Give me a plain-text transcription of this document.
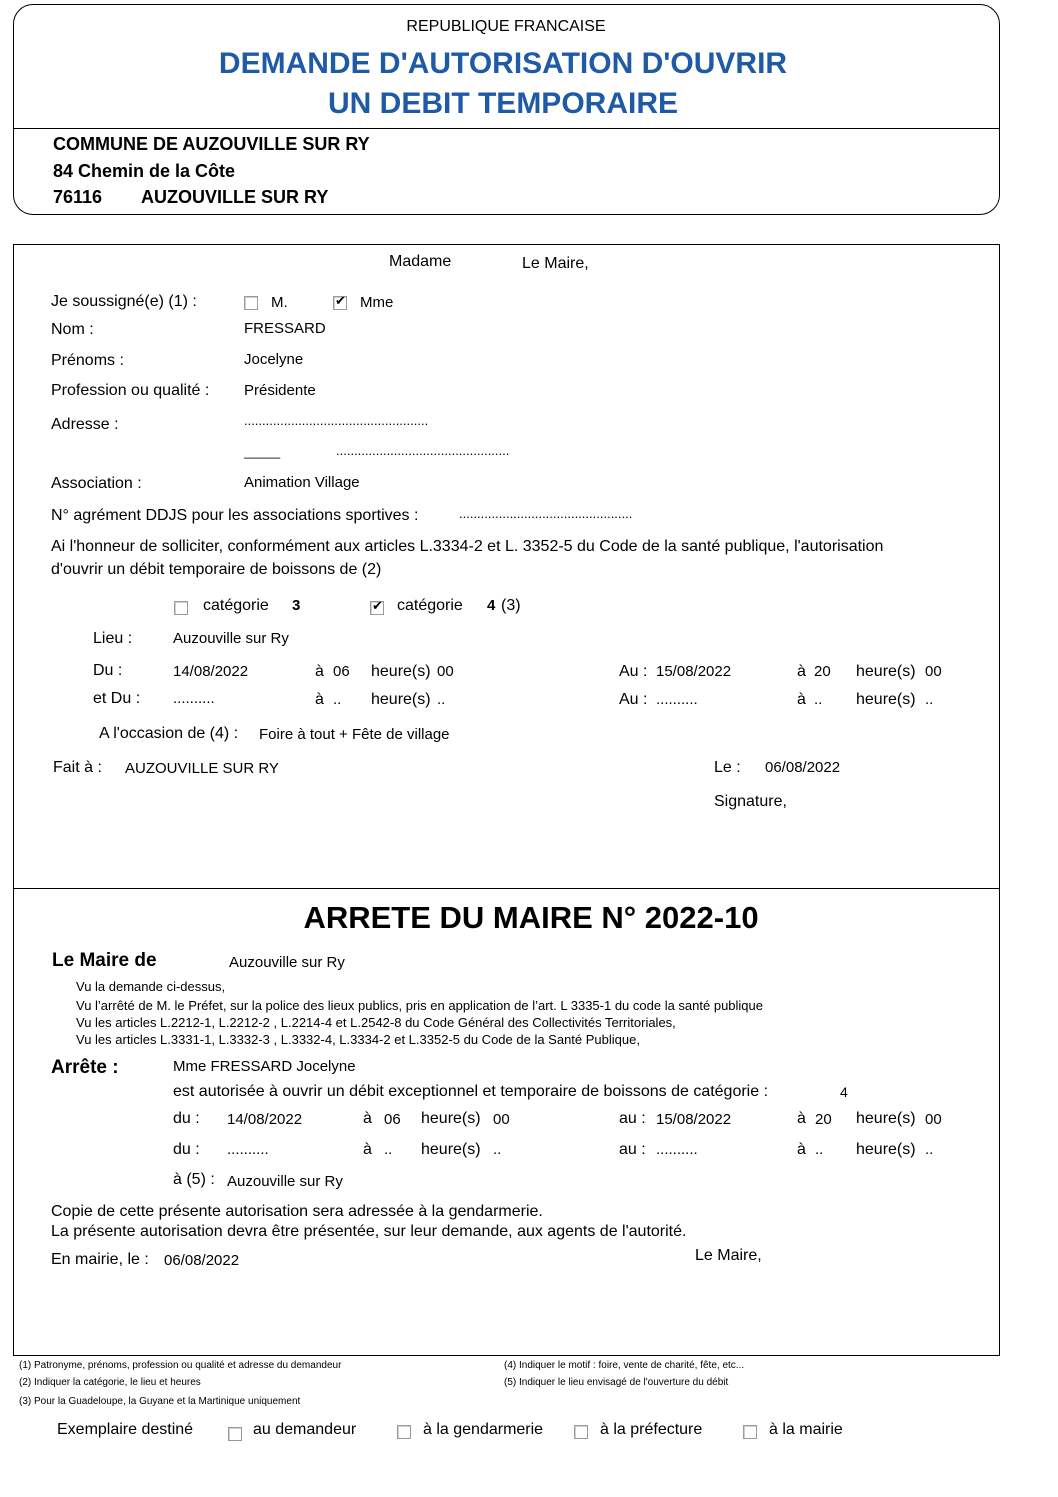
REPUBLIQUE FRANCAISE
DEMANDE D'AUTORISATION D'OUVRIR
UN DEBIT TEMPORAIRE
COMMUNE DE AUZOUVILLE SUR RY
84 Chemin de la Côte
76116 AUZOUVILLE SUR RY
Madame	Le Maire,
Je soussigné(e) (1) :	M.	✔ Mme
Nom :	FRESSARD
Prénoms :	Jocelyne
Profession ou qualité : Présidente
Adresse :	...................................................
_____	................................................
Association :	Animation Village
N° agrément DDJS pour les associations sportives :	................................................
Ai l'honneur de solliciter, conformément aux articles L.3334-2 et L. 3352-5 du Code de la santé publique, l'autorisation
d'ouvrir un débit temporaire de boissons de (2)
catégorie 3	✔ catégorie 4 (3)
Lieu :	Auzouville sur Ry
Du :	14/08/2022	à 06 heure(s) 00	Au : 15/08/2022	à 20 heure(s) 00
et Du : ..........	à .. heure(s) ..	Au : ..........	à .. heure(s) ..
A l'occasion de (4) : Foire à tout + Fête de village
Fait à : AUZOUVILLE SUR RY	Le : 06/08/2022
Signature,
ARRETE DU MAIRE N° 2022-10
Le Maire de	Auzouville sur Ry
Vu la demande ci-dessus,
Vu l’arrêté de M. le Préfet, sur la police des lieux publics, pris en application de l’art. L 3335-1 du code la santé publique
Vu les articles L.2212-1, L.2212-2 , L.2214-4 et L.2542-8 du Code Général des Collectivités Territoriales,
Vu les articles L.3331-1, L.3332-3 , L.3332-4, L.3334-2 et L.3352-5 du Code de la Santé Publique,
Arrête :	Mme FRESSARD Jocelyne
est autorisée à ouvrir un débit exceptionnel et temporaire de boissons de catégorie :	4
du : 14/08/2022	à 06 heure(s) 00	au : 15/08/2022	à 20 heure(s) 00
du : ..........	à .. heure(s) ..	au : ..........	à .. heure(s) ..
à (5) : Auzouville sur Ry
Copie de cette présente autorisation sera adressée à la gendarmerie.
La présente autorisation devra être présentée, sur leur demande, aux agents de l'autorité.
En mairie, le : 06/08/2022	Le Maire,
(1) Patronyme, prénoms, profession ou qualité et adresse du demandeur
(2) Indiquer la catégorie, le lieu et heures
(3) Pour la Guadeloupe, la Guyane et la Martinique uniquement
(4) Indiquer le motif : foire, vente de charité, fête, etc...
(5) Indiquer le lieu envisagé de l'ouverture du débit
Exemplaire destiné	au demandeur	à la gendarmerie	à la préfecture	à la mairie
